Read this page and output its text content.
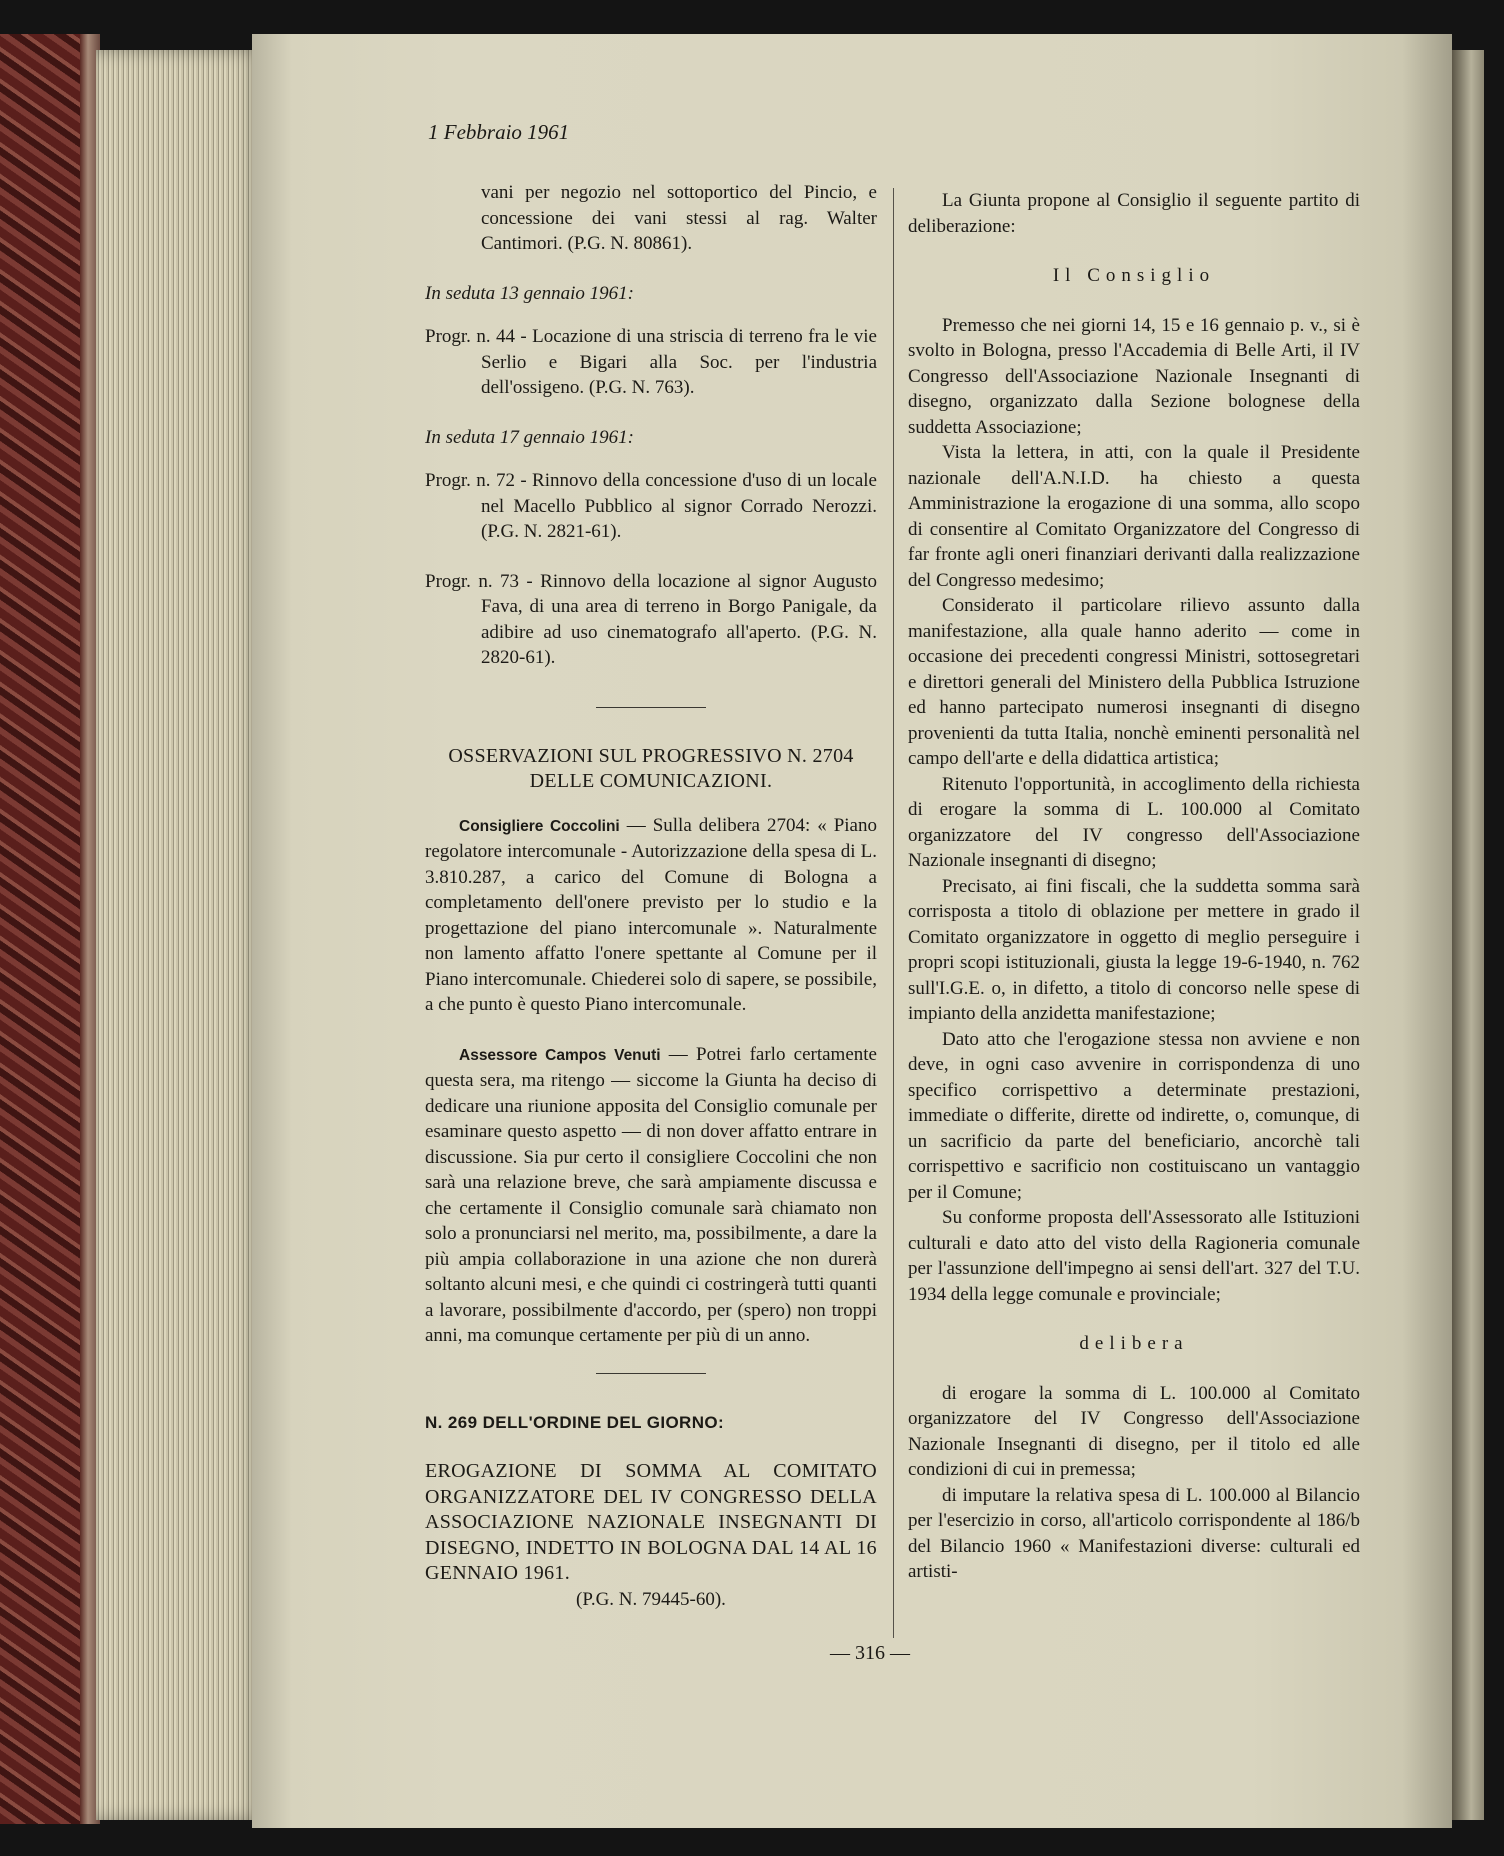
1 Febbraio 1961

vani per negozio nel sottoportico del Pincio, e concessione dei vani stessi al rag. Walter Cantimori. (P.G. N. 80861).

In seduta 13 gennaio 1961:

Progr. n. 44 - Locazione di una striscia di terreno fra le vie Serlio e Bigari alla Soc. per l'industria dell'ossigeno. (P.G. N. 763).

In seduta 17 gennaio 1961:

Progr. n. 72 - Rinnovo della concessione d'uso di un locale nel Macello Pubblico al signor Corrado Nerozzi. (P.G. N. 2821-61).

Progr. n. 73 - Rinnovo della locazione al signor Augusto Fava, di una area di terreno in Borgo Panigale, da adibire ad uso cinematografo all'aperto. (P.G. N. 2820-61).

OSSERVAZIONI SUL PROGRESSIVO N. 2704 DELLE COMUNICAZIONI.

Consigliere Coccolini — Sulla delibera 2704: « Piano regolatore intercomunale - Autorizzazione della spesa di L. 3.810.287, a carico del Comune di Bologna a completamento dell'onere previsto per lo studio e la progettazione del piano intercomunale ». Naturalmente non lamento affatto l'onere spettante al Comune per il Piano intercomunale. Chiederei solo di sapere, se possibile, a che punto è questo Piano intercomunale.

Assessore Campos Venuti — Potrei farlo certamente questa sera, ma ritengo — siccome la Giunta ha deciso di dedicare una riunione apposita del Consiglio comunale per esaminare questo aspetto — di non dover affatto entrare in discussione. Sia pur certo il consigliere Coccolini che non sarà una relazione breve, che sarà ampiamente discussa e che certamente il Consiglio comunale sarà chiamato non solo a pronunciarsi nel merito, ma, possibilmente, a dare la più ampia collaborazione in una azione che non durerà soltanto alcuni mesi, e che quindi ci costringerà tutti quanti a lavorare, possibilmente d'accordo, per (spero) non troppi anni, ma comunque certamente per più di un anno.

N. 269 DELL'ORDINE DEL GIORNO:

EROGAZIONE DI SOMMA AL COMITATO ORGANIZZATORE DEL IV CONGRESSO DELLA ASSOCIAZIONE NAZIONALE INSEGNANTI DI DISEGNO, INDETTO IN BOLOGNA DAL 14 AL 16 GENNAIO 1961.

(P.G. N. 79445-60).

La Giunta propone al Consiglio il seguente partito di deliberazione:

Il Consiglio

Premesso che nei giorni 14, 15 e 16 gennaio p. v., si è svolto in Bologna, presso l'Accademia di Belle Arti, il IV Congresso dell'Associazione Nazionale Insegnanti di disegno, organizzato dalla Sezione bolognese della suddetta Associazione;

Vista la lettera, in atti, con la quale il Presidente nazionale dell'A.N.I.D. ha chiesto a questa Amministrazione la erogazione di una somma, allo scopo di consentire al Comitato Organizzatore del Congresso di far fronte agli oneri finanziari derivanti dalla realizzazione del Congresso medesimo;

Considerato il particolare rilievo assunto dalla manifestazione, alla quale hanno aderito — come in occasione dei precedenti congressi Ministri, sottosegretari e direttori generali del Ministero della Pubblica Istruzione ed hanno partecipato numerosi insegnanti di disegno provenienti da tutta Italia, nonchè eminenti personalità nel campo dell'arte e della didattica artistica;

Ritenuto l'opportunità, in accoglimento della richiesta di erogare la somma di L. 100.000 al Comitato organizzatore del IV congresso dell'Associazione Nazionale insegnanti di disegno;

Precisato, ai fini fiscali, che la suddetta somma sarà corrisposta a titolo di oblazione per mettere in grado il Comitato organizzatore in oggetto di meglio perseguire i propri scopi istituzionali, giusta la legge 19-6-1940, n. 762 sull'I.G.E. o, in difetto, a titolo di concorso nelle spese di impianto della anzidetta manifestazione;

Dato atto che l'erogazione stessa non avviene e non deve, in ogni caso avvenire in corrispondenza di uno specifico corrispettivo a determinate prestazioni, immediate o differite, dirette od indirette, o, comunque, di un sacrificio da parte del beneficiario, ancorchè tali corrispettivo e sacrificio non costituiscano un vantaggio per il Comune;

Su conforme proposta dell'Assessorato alle Istituzioni culturali e dato atto del visto della Ragioneria comunale per l'assunzione dell'impegno ai sensi dell'art. 327 del T.U. 1934 della legge comunale e provinciale;

delibera

di erogare la somma di L. 100.000 al Comitato organizzatore del IV Congresso dell'Associazione Nazionale Insegnanti di disegno, per il titolo ed alle condizioni di cui in premessa;

di imputare la relativa spesa di L. 100.000 al Bilancio per l'esercizio in corso, all'articolo corrispondente al 186/b del Bilancio 1960 « Manifestazioni diverse: culturali ed artisti-

— 316 —
